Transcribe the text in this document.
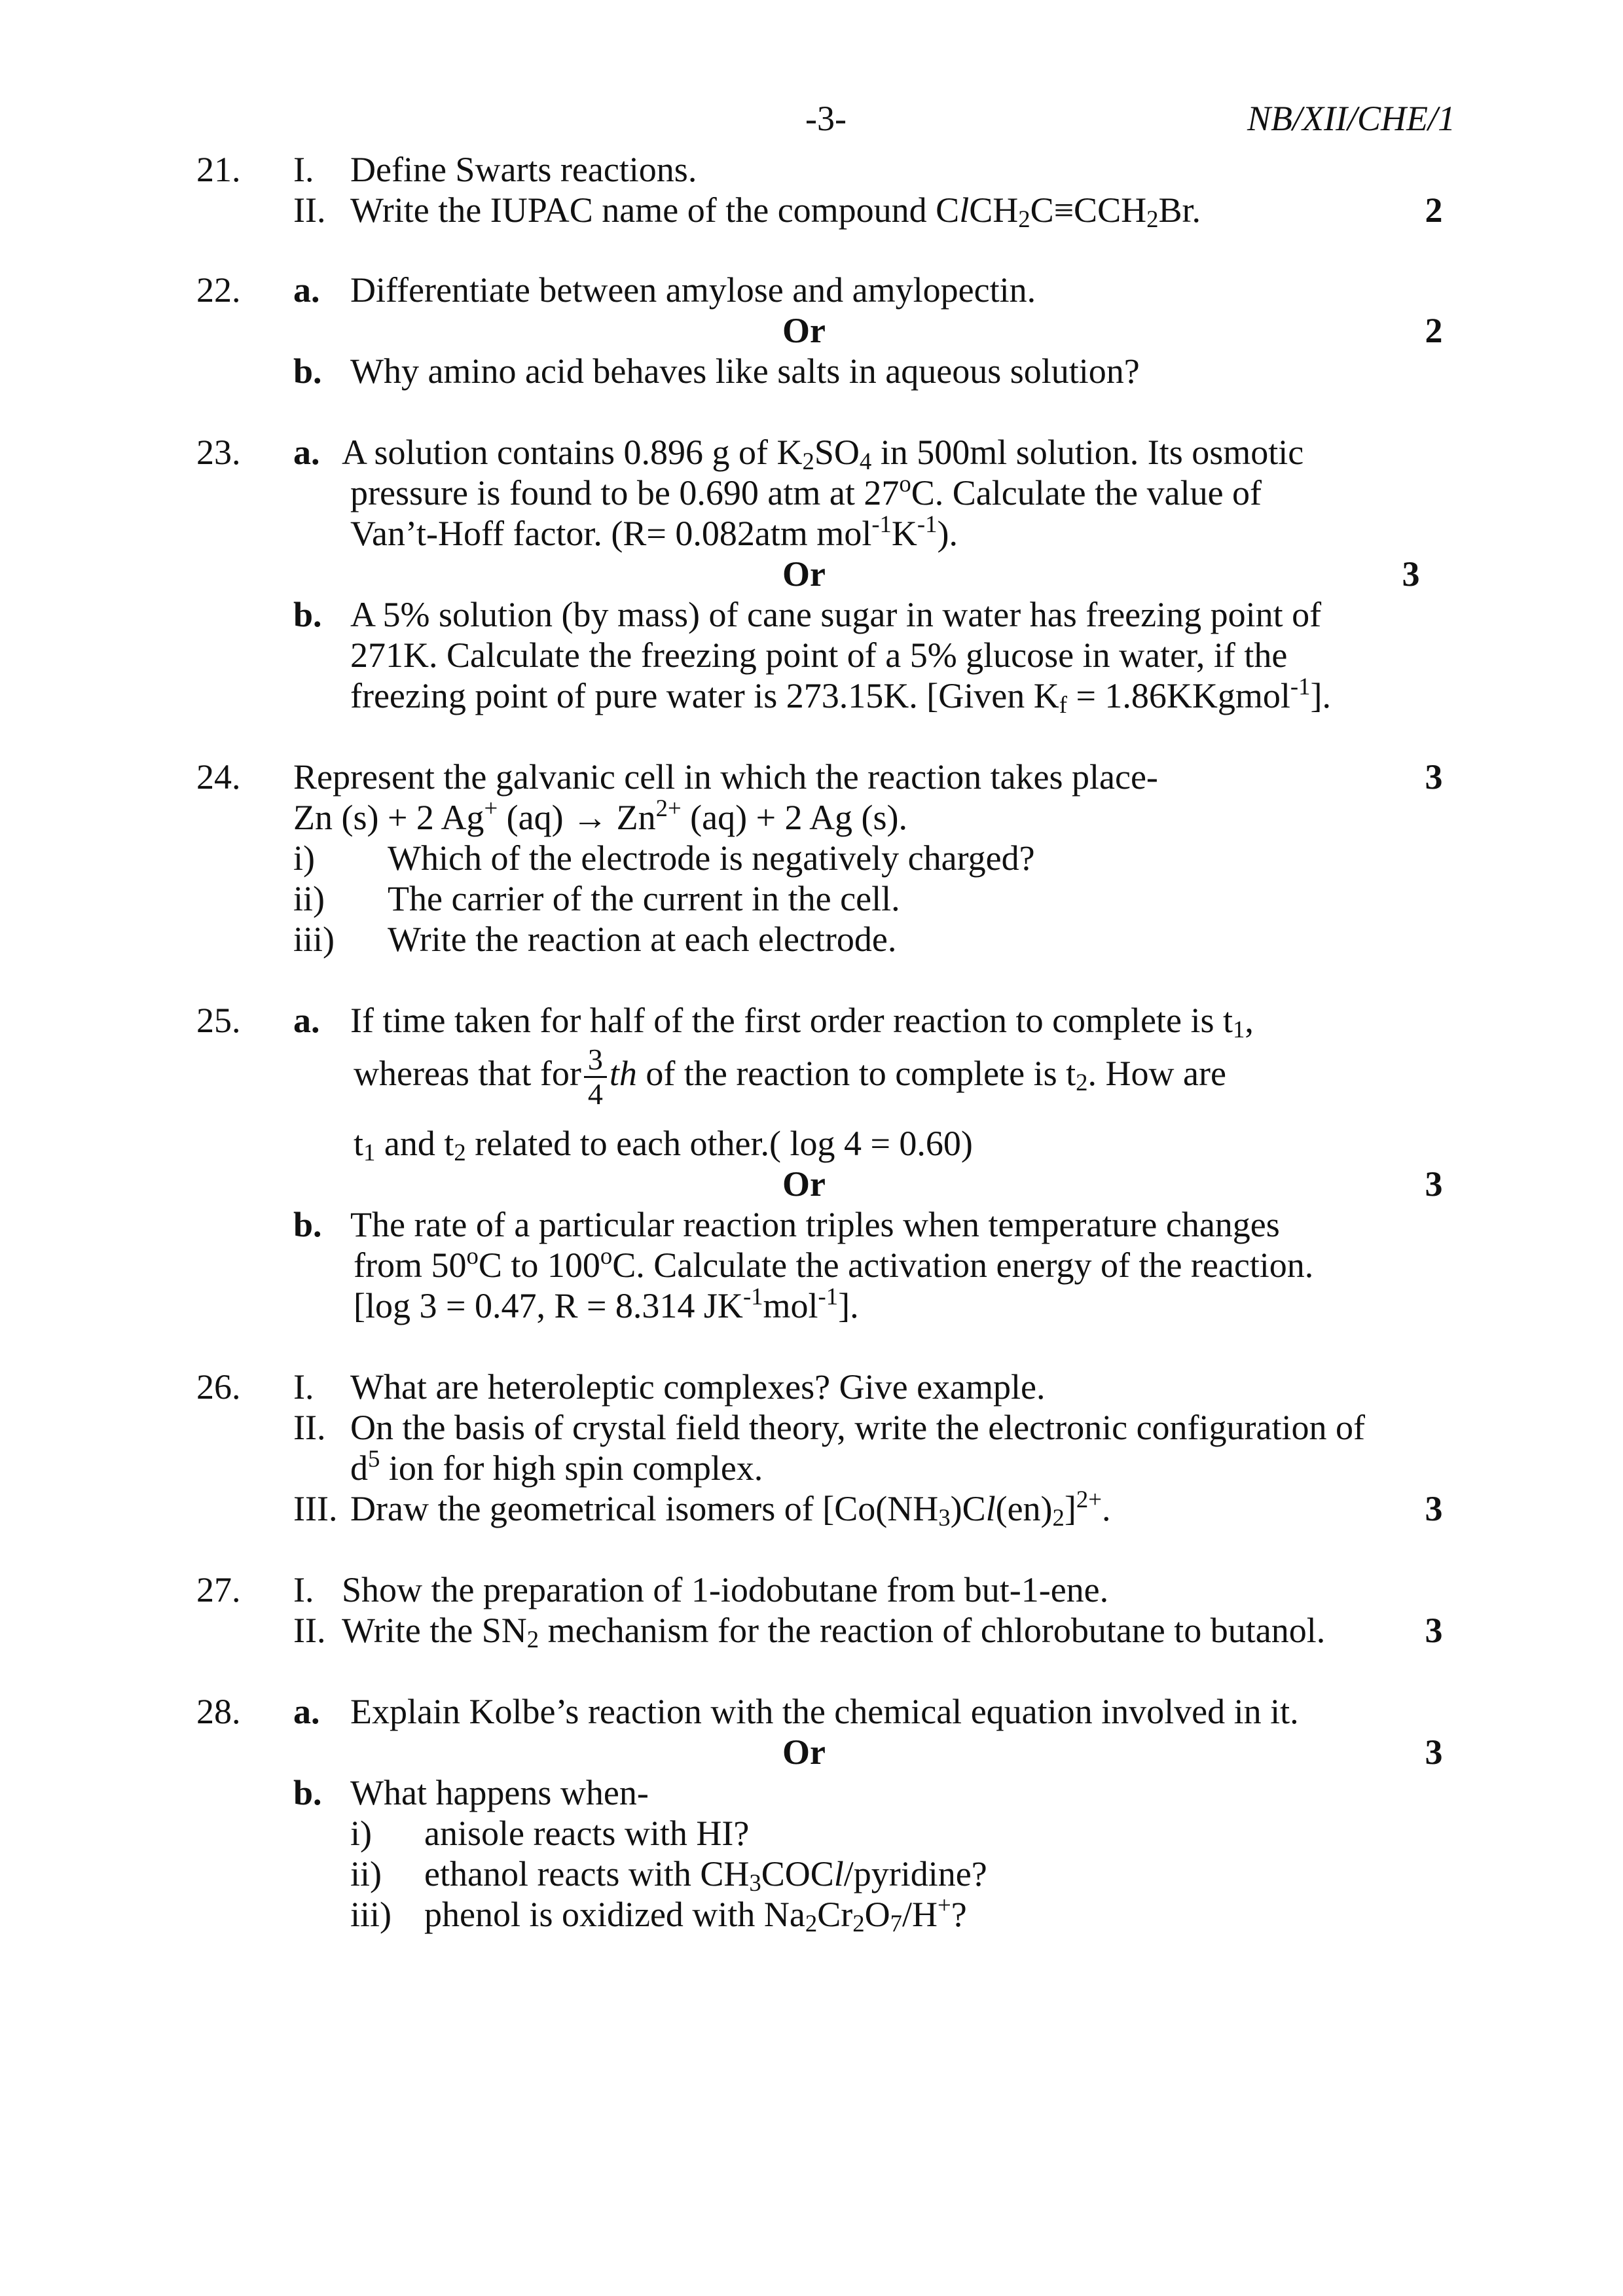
-3-	NB/XII/CHE/1
21. I. Define Swarts reactions.
II. Write the IUPAC name of the compound $ClCH_2C\equiv CCH_2Br$.	2
22. a. Differentiate between amylose and amylopectin.
Or	2
b. Why amino acid behaves like salts in aqueous solution?
23. a. A solution contains 0.896 g of $K_2SO_4$ in 500ml solution. Its osmotic
pressure is found to be 0.690 atm at 27$^o$C. Calculate the value of
Van’t-Hoff factor. (R= 0.082atm $mol^{-1}K^{-1}$).
Or	3
b. A 5% solution (by mass) of cane sugar in water has freezing point of
271K. Calculate the freezing point of a 5% glucose in water, if the
freezing point of pure water is 273.15K. [Given $K_f$ = 1.86KKgmol$^{-1}$].
24. Represent the galvanic cell in which the reaction takes place-	3
Zn (s) + 2 Ag+ $(aq) \to Zn^{2+}$ (aq) + 2 Ag (s).
i) Which of the electrode is negatively charged?
ii) The carrier of the current in the cell.
iii) Write the reaction at each electrode.
25. a. If time taken for half of the first order reaction to complete is $t_1$,
whereas that for $\frac{3}{4}$ th of the reaction to complete is $t_2$. How are
$t_1$ and $t_2$ related to each other.( log 4 = 0.60)
Or	3
b. The rate of a particular reaction triples when temperature changes
from 50$^o$C to 100$^o$C. Calculate the activation energy of the reaction.
[log 3 = 0.47, R = 8.314 $JK^{-1}mol^{-1}$].
26. I. What are heteroleptic complexes? Give example.
II. On the basis of crystal field theory, write the electronic configuration of
$d^5$ ion for high spin complex.
III. Draw the geometrical isomers of $[Co(NH_3)Cl(en)_2]^{2+}$.	3
27. I. Show the preparation of 1-iodobutane from but-1-ene.
II. Write the $SN_2$ mechanism for the reaction of chlorobutane to butanol.	3
28. a. Explain Kolbe’s reaction with the chemical equation involved in it.
Or	3
b. What happens when-
i) anisole reacts with HI?
ii) ethanol reacts with $CH_3COCl$/pyridine?
iii) phenol is oxidized with $Na_2Cr_2O_7/H^+$?
